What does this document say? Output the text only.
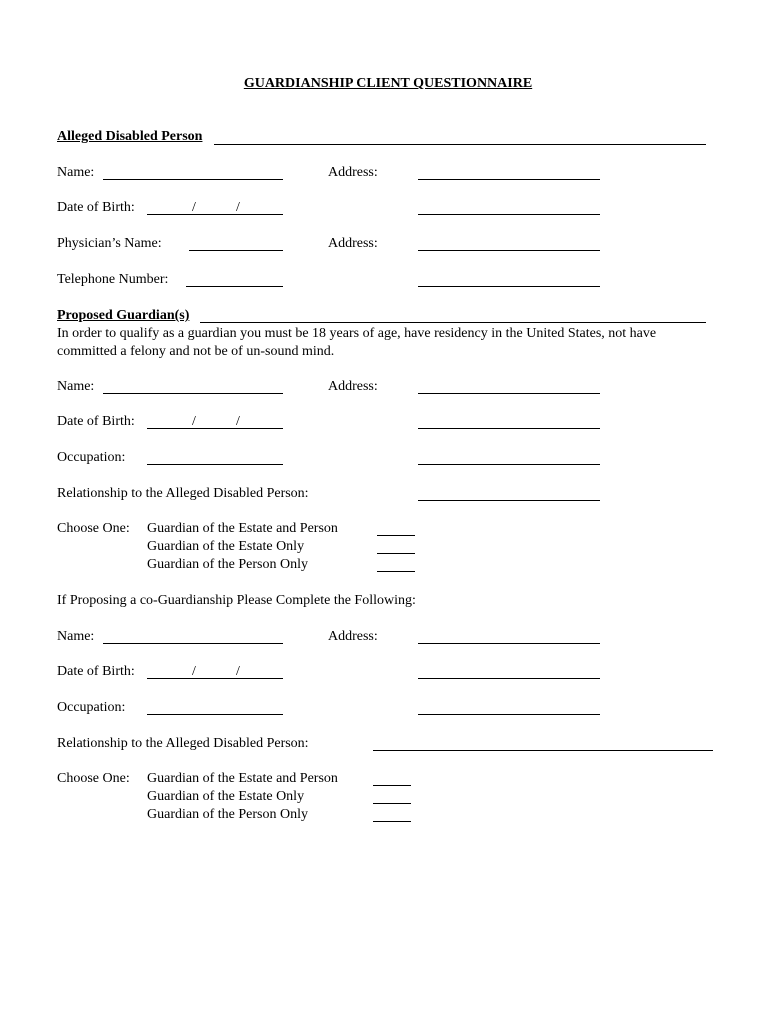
GUARDIANSHIP CLIENT QUESTIONNAIRE
Alleged Disabled Person
Name:	Address:
Date of Birth:	/	/
Physician’s Name:	Address:
Telephone Number:
Proposed Guardian(s)
In order to qualify as a guardian you must be 18 years of age, have residency in the United States, not have committed a felony and not be of un-sound mind.
Name:	Address:
Date of Birth:	/	/
Occupation:
Relationship to the Alleged Disabled Person:
Choose One: Guardian of the Estate and Person
Guardian of the Estate Only
Guardian of the Person Only
If Proposing a co-Guardianship Please Complete the Following:
Name:	Address:
Date of Birth:	/	/
Occupation:
Relationship to the Alleged Disabled Person:
Choose One: Guardian of the Estate and Person
Guardian of the Estate Only
Guardian of the Person Only
